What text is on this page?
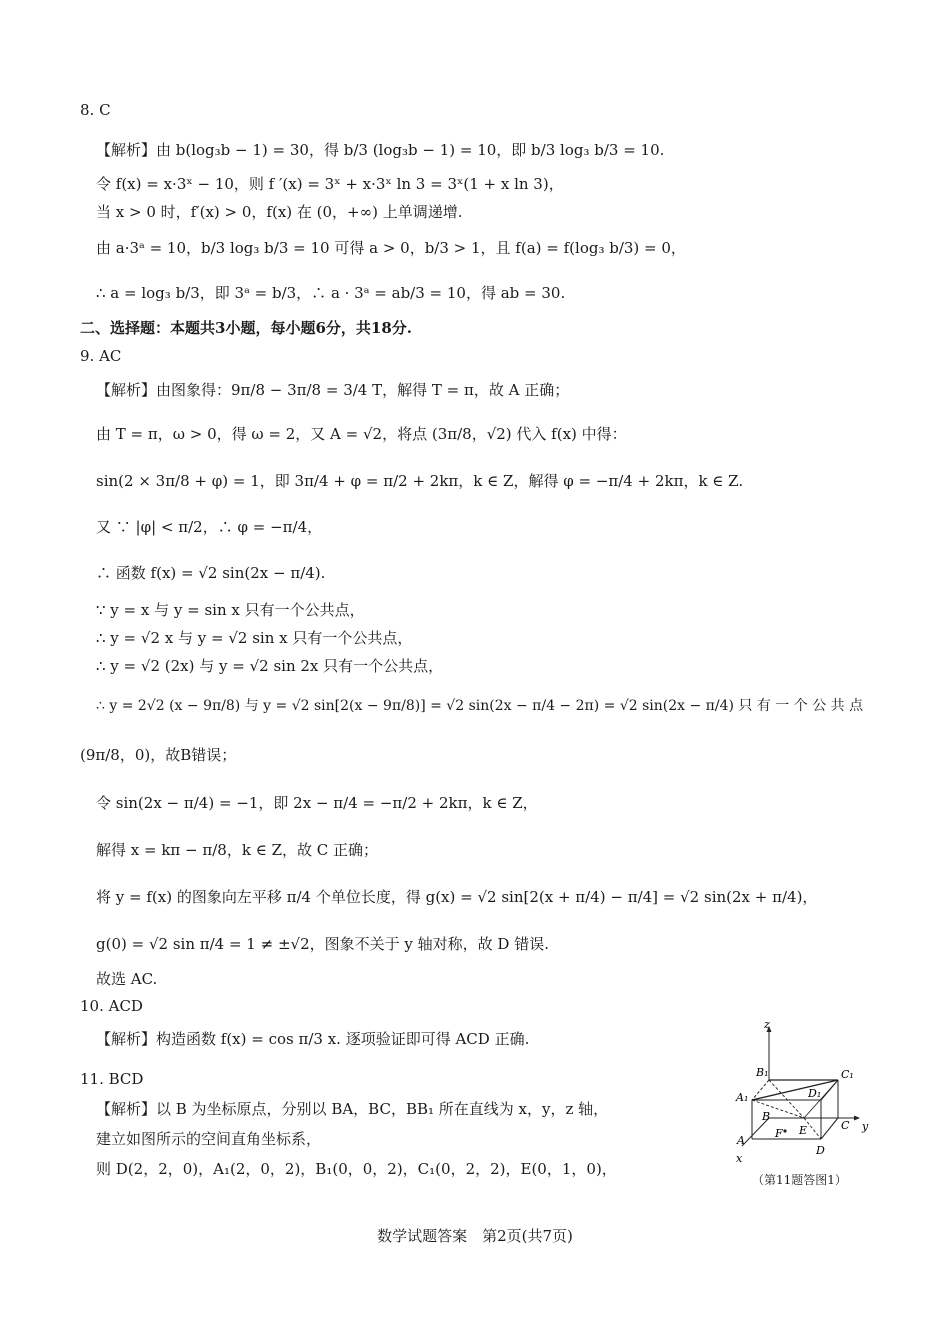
8. C
【解析】由 b(log₃b − 1) = 30，得 b/3 (log₃b − 1) = 10，即 b/3 log₃ b/3 = 10.
令 f(x) = x·3ˣ − 10，则 f ′(x) = 3ˣ + x·3ˣ ln 3 = 3ˣ(1 + x ln 3)，
当 x > 0 时，f′(x) > 0，f(x) 在 (0，+∞) 上单调递增.
由 a·3ᵃ = 10，b/3 log₃ b/3 = 10 可得 a > 0，b/3 > 1，且 f(a) = f(log₃ b/3) = 0，
∴ a = log₃ b/3，即 3ᵃ = b/3，∴ a · 3ᵃ = ab/3 = 10，得 ab = 30.
二、选择题：本题共3小题，每小题6分，共18分.
9. AC
【解析】由图象得：9π/8 − 3π/8 = 3/4 T，解得 T = π，故 A 正确；
由 T = π，ω > 0，得 ω = 2，又 A = √2，将点 (3π/8，√2) 代入 f(x) 中得：
sin(2 × 3π/8 + φ) = 1，即 3π/4 + φ = π/2 + 2kπ，k ∈ Z，解得 φ = −π/4 + 2kπ，k ∈ Z.
又 ∵ |φ| < π/2，∴ φ = −π/4，
∴ 函数 f(x) = √2 sin(2x − π/4).
∵ y = x 与 y = sin x 只有一个公共点，
∴ y = √2 x 与 y = √2 sin x 只有一个公共点，
∴ y = √2 (2x) 与 y = √2 sin 2x 只有一个公共点，
∴ y = 2√2 (x − 9π/8) 与 y = √2 sin[2(x − 9π/8)] = √2 sin(2x − π/4 − 2π) = √2 sin(2x − π/4) 只 有 一 个 公 共 点
(9π/8，0)，故B错误；
令 sin(2x − π/4) = −1，即 2x − π/4 = −π/2 + 2kπ，k ∈ Z，
解得 x = kπ − π/8，k ∈ Z，故 C 正确；
将 y = f(x) 的图象向左平移 π/4 个单位长度，得 g(x) = √2 sin[2(x + π/4) − π/4] = √2 sin(2x + π/4)，
g(0) = √2 sin π/4 = 1 ≠ ±√2，图象不关于 y 轴对称，故 D 错误.
故选 AC.
10. ACD
【解析】构造函数 f(x) = cos π/3 x. 逐项验证即可得 ACD 正确.
11. BCD
【解析】以 B 为坐标原点，分别以 BA，BC，BB₁ 所在直线为 x，y，z 轴，
建立如图所示的空间直角坐标系，
则 D(2，2，0)，A₁(2，0，2)，B₁(0，0，2)，C₁(0，2，2)，E(0，1，0)，
z
B₁	C₁
A₁	D₁
B
E
F
A
C
D
x
y
（第11题答图1）
数学试题答案　第2页(共7页)
